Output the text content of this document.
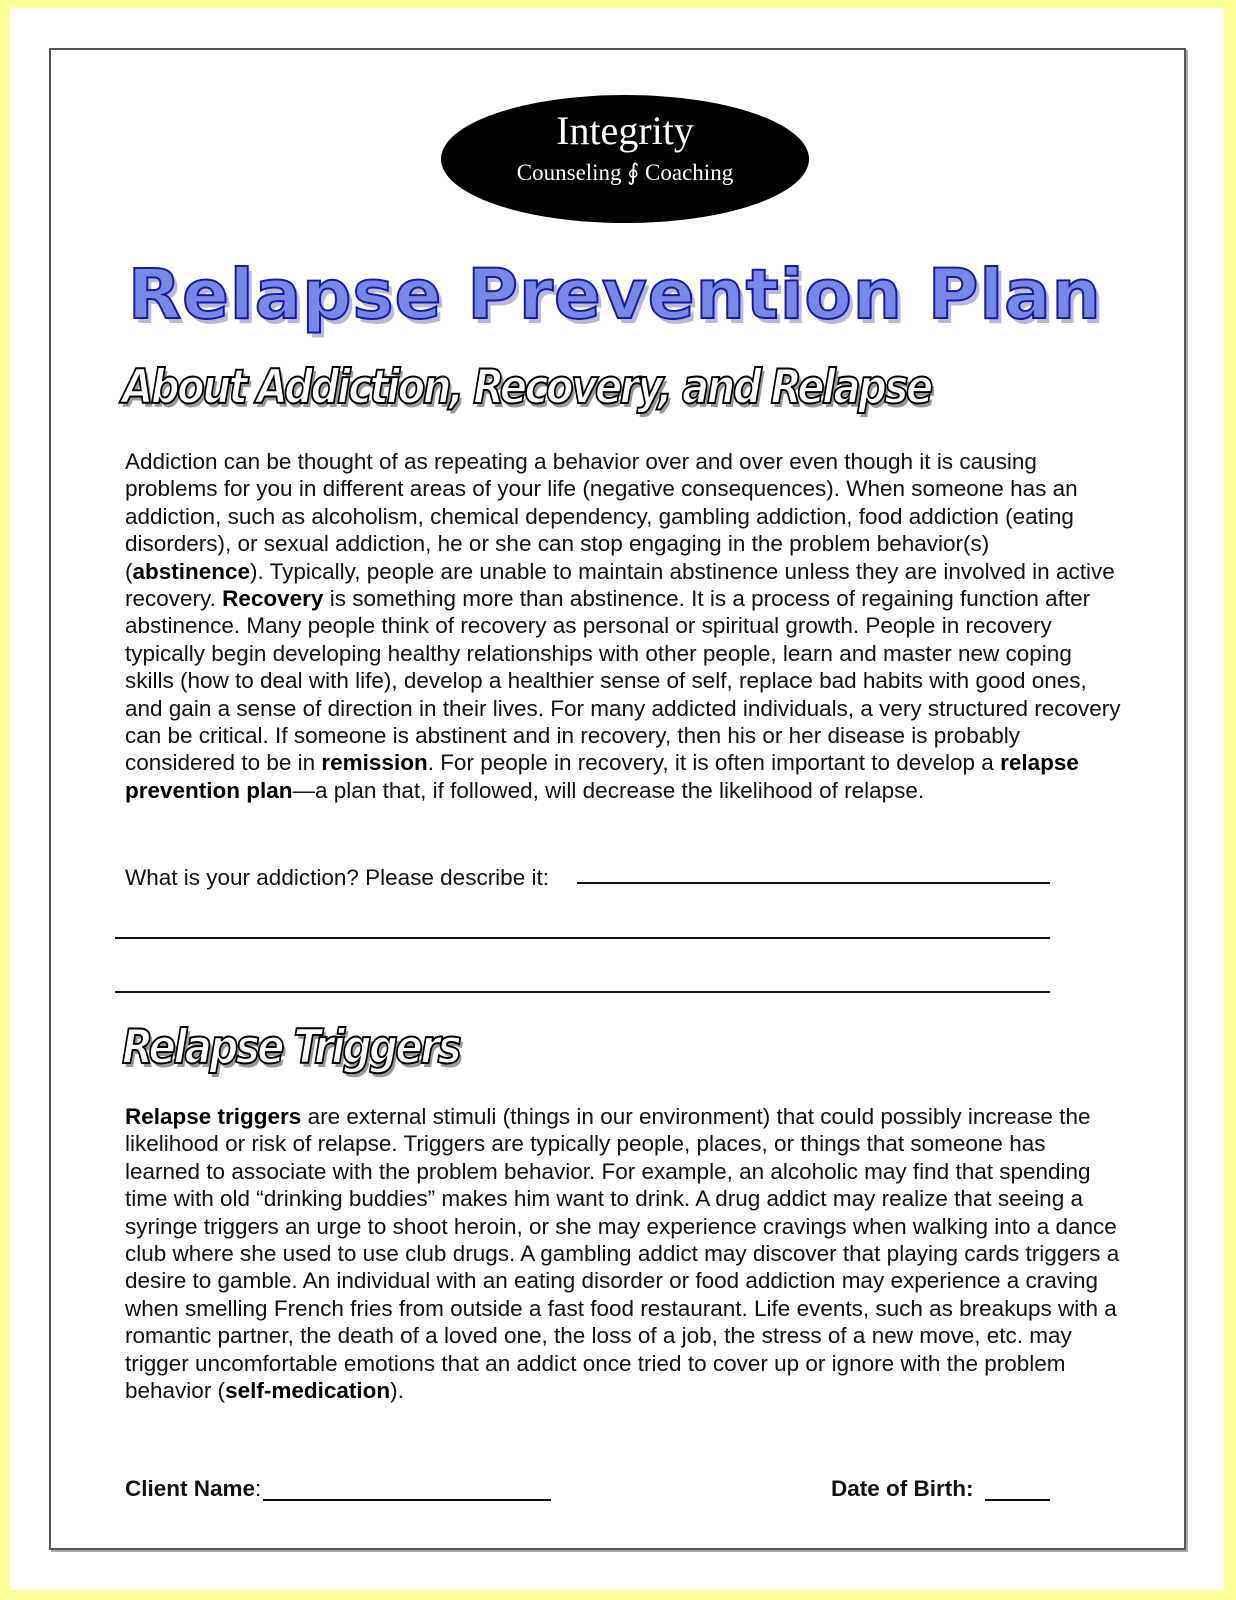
Integrity
Counseling ∮ Coaching
Relapse Prevention Plan
About Addiction, Recovery, and Relapse
Addiction can be thought of as repeating a behavior over and over even though it is causing problems for you in different areas of your life (negative consequences). When someone has an addiction, such as alcoholism, chemical dependency, gambling addiction, food addiction (eating disorders), or sexual addiction, he or she can stop engaging in the problem behavior(s) (abstinence). Typically, people are unable to maintain abstinence unless they are involved in active recovery. Recovery is something more than abstinence. It is a process of regaining function after abstinence. Many people think of recovery as personal or spiritual growth. People in recovery typically begin developing healthy relationships with other people, learn and master new coping skills (how to deal with life), develop a healthier sense of self, replace bad habits with good ones, and gain a sense of direction in their lives. For many addicted individuals, a very structured recovery can be critical. If someone is abstinent and in recovery, then his or her disease is probably considered to be in remission. For people in recovery, it is often important to develop a relapse prevention plan—a plan that, if followed, will decrease the likelihood of relapse.
What is your addiction? Please describe it:
Relapse Triggers
Relapse triggers are external stimuli (things in our environment) that could possibly increase the likelihood or risk of relapse. Triggers are typically people, places, or things that someone has learned to associate with the problem behavior. For example, an alcoholic may find that spending time with old “drinking buddies” makes him want to drink. A drug addict may realize that seeing a syringe triggers an urge to shoot heroin, or she may experience cravings when walking into a dance club where she used to use club drugs. A gambling addict may discover that playing cards triggers a desire to gamble. An individual with an eating disorder or food addiction may experience a craving when smelling French fries from outside a fast food restaurant. Life events, such as breakups with a romantic partner, the death of a loved one, the loss of a job, the stress of a new move, etc. may trigger uncomfortable emotions that an addict once tried to cover up or ignore with the problem behavior (self-medication).
Client Name:	Date of Birth:
